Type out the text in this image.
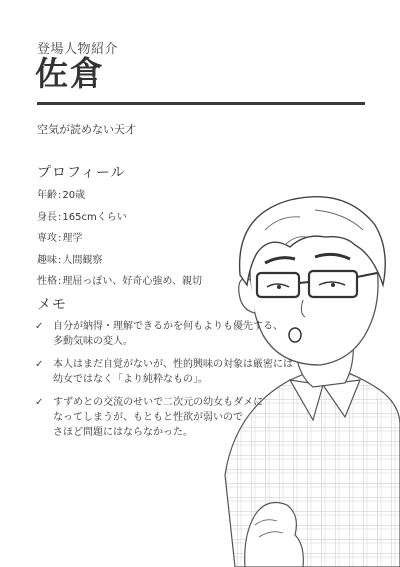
登場人物紹介
佐倉
空気が読めない天才
プロフィール
年齢:20歳
身長:165cmくらい
専攻:理学
趣味:人間観察
性格:理屈っぽい、好奇心強め、親切
メモ
✓ 自分が納得・理解できるかを何もよりも優先する、
多動気味の変人。
✓ 本人はまだ自覚がないが、性的興味の対象は厳密には
幼女ではなく「より純粋なもの」。
✓ すずめとの交流のせいで二次元の幼女もダメに
なってしまうが、もともと性欲が弱いので
さほど問題にはならなかった。
